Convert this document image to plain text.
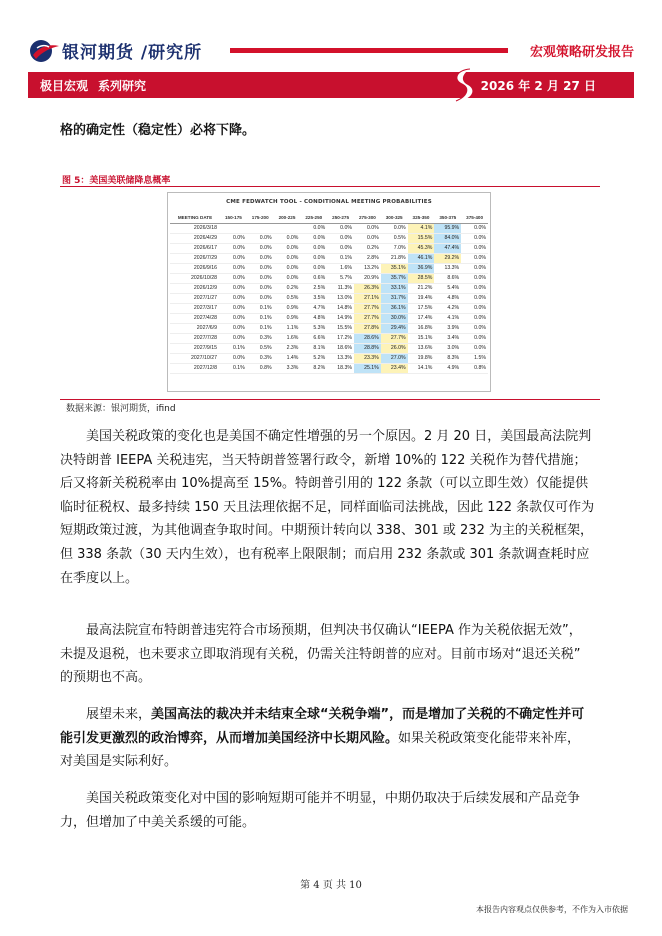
银河期货 /研究所	宏观策略研发报告
极目宏观 系列研究	2026 年 2 月 27 日
格的确定性（稳定性）必将下降。
图 5：美国美联储降息概率
CME FEDWATCH TOOL - CONDITIONAL MEETING PROBABILITIES
MEETING DATE	150-175	175-200	200-225	225-250	250-275	275-300	300-325	325-350	350-375	375-400
2026/3/18				0.0%	0.0%	0.0%	0.0%	4.1%	95.9%	0.0%
2026/4/29	0.0%	0.0%	0.0%	0.0%	0.0%	0.0%	0.5%	15.5%	84.0%	0.0%
2026/6/17	0.0%	0.0%	0.0%	0.0%	0.0%	0.2%	7.0%	45.3%	47.4%	0.0%
2026/7/29	0.0%	0.0%	0.0%	0.0%	0.1%	2.8%	21.8%	46.1%	29.2%	0.0%
2026/9/16	0.0%	0.0%	0.0%	0.0%	1.6%	13.2%	35.1%	36.9%	13.3%	0.0%
2026/10/28	0.0%	0.0%	0.0%	0.6%	5.7%	20.9%	35.7%	28.5%	8.6%	0.0%
2026/12/9	0.0%	0.0%	0.2%	2.5%	11.3%	26.3%	33.1%	21.2%	5.4%	0.0%
2027/1/27	0.0%	0.0%	0.5%	3.5%	13.0%	27.1%	31.7%	19.4%	4.8%	0.0%
2027/3/17	0.0%	0.1%	0.9%	4.7%	14.8%	27.7%	36.1%	17.5%	4.2%	0.0%
2027/4/28	0.0%	0.1%	0.9%	4.8%	14.9%	27.7%	30.0%	17.4%	4.1%	0.0%
2027/6/9	0.0%	0.1%	1.1%	5.3%	15.5%	27.8%	29.4%	16.8%	3.9%	0.0%
2027/7/28	0.0%	0.3%	1.6%	6.6%	17.2%	28.6%	27.7%	15.1%	3.4%	0.0%
2027/9/15	0.1%	0.5%	2.3%	8.1%	18.6%	28.8%	26.0%	13.6%	3.0%	0.0%
2027/10/27	0.0%	0.3%	1.4%	5.2%	13.3%	23.3%	27.0%	19.8%	8.3%	1.5%
2027/12/8	0.1%	0.8%	3.3%	8.2%	18.3%	25.1%	23.4%	14.1%	4.9%	0.8%
数据来源：银河期货，ifind
美国关税政策的变化也是美国不确定性增强的另一个原因。2 月 20 日，美国最高法院判
决特朗普 IEEPA 关税违宪，当天特朗普签署行政令，新增 10%的 122 关税作为替代措施；
后又将新关税税率由 10%提高至 15%。特朗普引用的 122 条款（可以立即生效）仅能提供
临时征税权、最多持续 150 天且法理依据不足，同样面临司法挑战，因此 122 条款仅可作为
短期政策过渡，为其他调查争取时间。中期预计转向以 338、301 或 232 为主的关税框架，
但 338 条款（30 天内生效），也有税率上限限制；而启用 232 条款或 301 条款调查耗时应
在季度以上。
最高法院宣布特朗普违宪符合市场预期，但判决书仅确认“IEEPA 作为关税依据无效”，
未提及退税，也未要求立即取消现有关税，仍需关注特朗普的应对。目前市场对“退还关税”
的预期也不高。
展望未来，美国高法的裁决并未结束全球“关税争端”，而是增加了关税的不确定性并可
能引发更激烈的政治博弈，从而增加美国经济中长期风险。如果关税政策变化能带来补库，
对美国是实际利好。
美国关税政策变化对中国的影响短期可能并不明显，中期仍取决于后续发展和产品竞争
力，但增加了中美关系缓的可能。
第 4 页 共 10
本报告内容观点仅供参考，不作为入市依据
